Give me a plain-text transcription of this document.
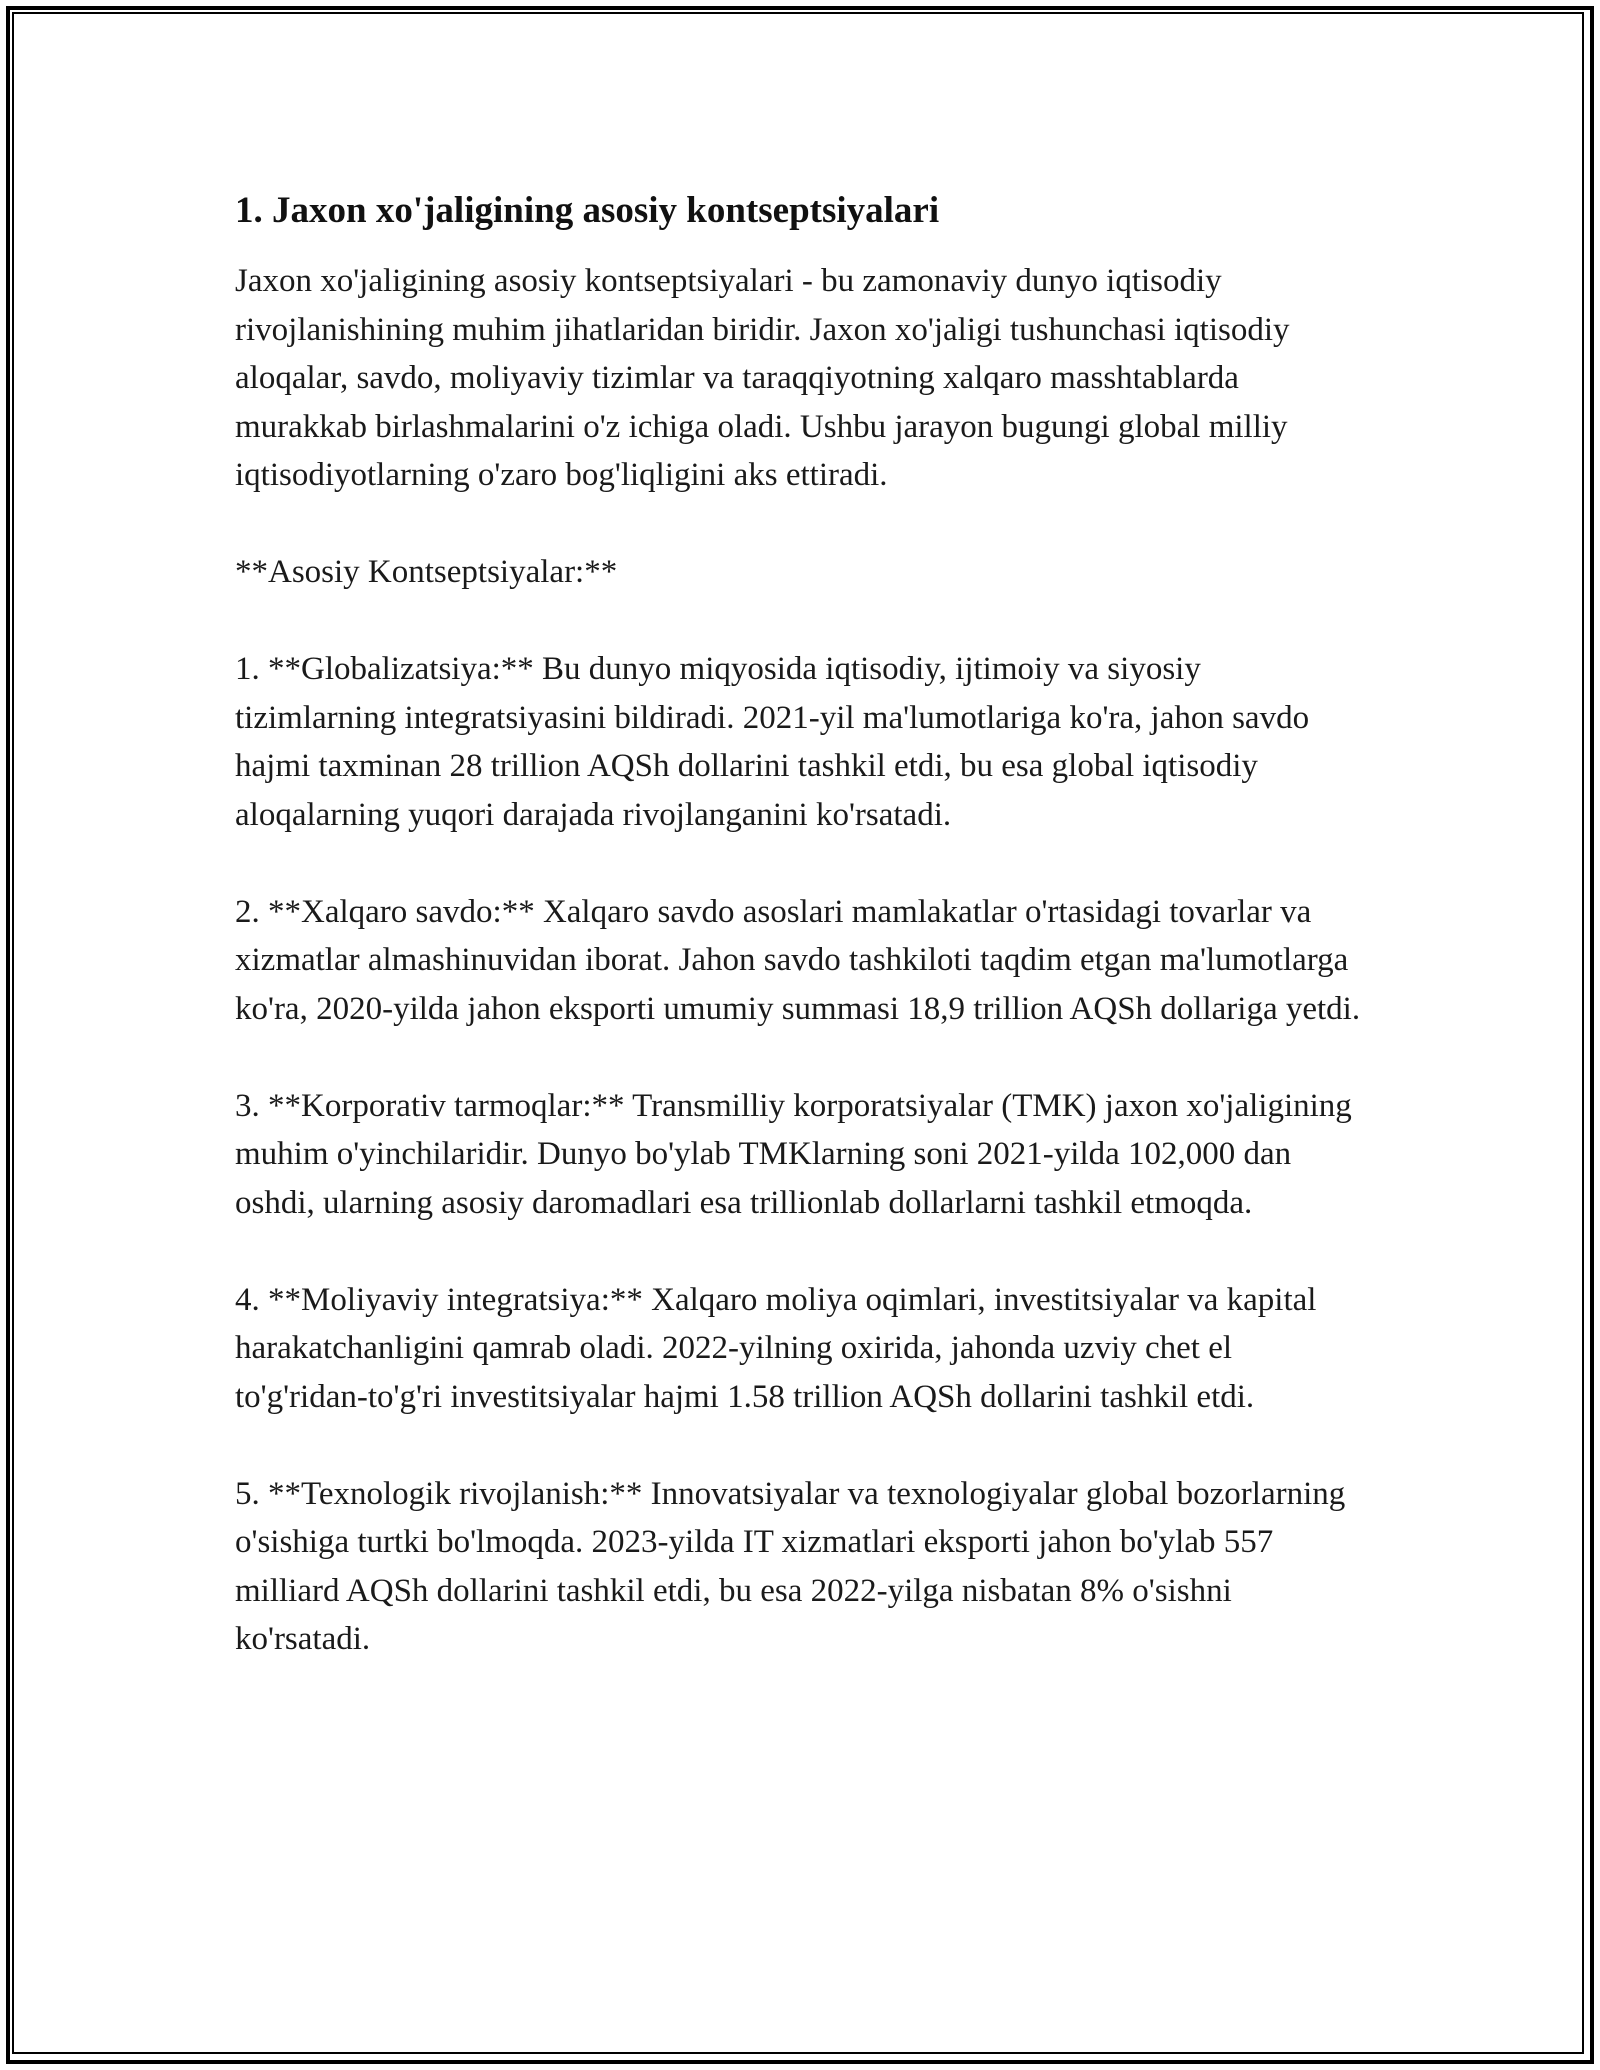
1. Jaxon xo'jaligining asosiy kontseptsiyalari

Jaxon xo'jaligining asosiy kontseptsiyalari - bu zamonaviy dunyo iqtisodiy rivojlanishining muhim jihatlaridan biridir. Jaxon xo'jaligi tushunchasi iqtisodiy aloqalar, savdo, moliyaviy tizimlar va taraqqiyotning xalqaro masshtablarda murakkab birlashmalarini o'z ichiga oladi. Ushbu jarayon bugungi global milliy iqtisodiyotlarning o'zaro bog'liqligini aks ettiradi.

**Asosiy Kontseptsiyalar:**

1. **Globalizatsiya:** Bu dunyo miqyosida iqtisodiy, ijtimoiy va siyosiy tizimlarning integratsiyasini bildiradi. 2021-yil ma'lumotlariga ko'ra, jahon savdo hajmi taxminan 28 trillion AQSh dollarini tashkil etdi, bu esa global iqtisodiy aloqalarning yuqori darajada rivojlanganini ko'rsatadi.

2. **Xalqaro savdo:** Xalqaro savdo asoslari mamlakatlar o'rtasidagi tovarlar va xizmatlar almashinuvidan iborat. Jahon savdo tashkiloti taqdim etgan ma'lumotlarga ko'ra, 2020-yilda jahon eksporti umumiy summasi 18,9 trillion AQSh dollariga yetdi.

3. **Korporativ tarmoqlar:** Transmilliy korporatsiyalar (TMK) jaxon xo'jaligining muhim o'yinchilaridir. Dunyo bo'ylab TMKlarning soni 2021-yilda 102,000 dan oshdi, ularning asosiy daromadlari esa trillionlab dollarlarni tashkil etmoqda.

4. **Moliyaviy integratsiya:** Xalqaro moliya oqimlari, investitsiyalar va kapital harakatchanligini qamrab oladi. 2022-yilning oxirida, jahonda uzviy chet el to'g'ridan-to'g'ri investitsiyalar hajmi 1.58 trillion AQSh dollarini tashkil etdi.

5. **Texnologik rivojlanish:** Innovatsiyalar va texnologiyalar global bozorlarning o'sishiga turtki bo'lmoqda. 2023-yilda IT xizmatlari eksporti jahon bo'ylab 557 milliard AQSh dollarini tashkil etdi, bu esa 2022-yilga nisbatan 8% o'sishni ko'rsatadi.
